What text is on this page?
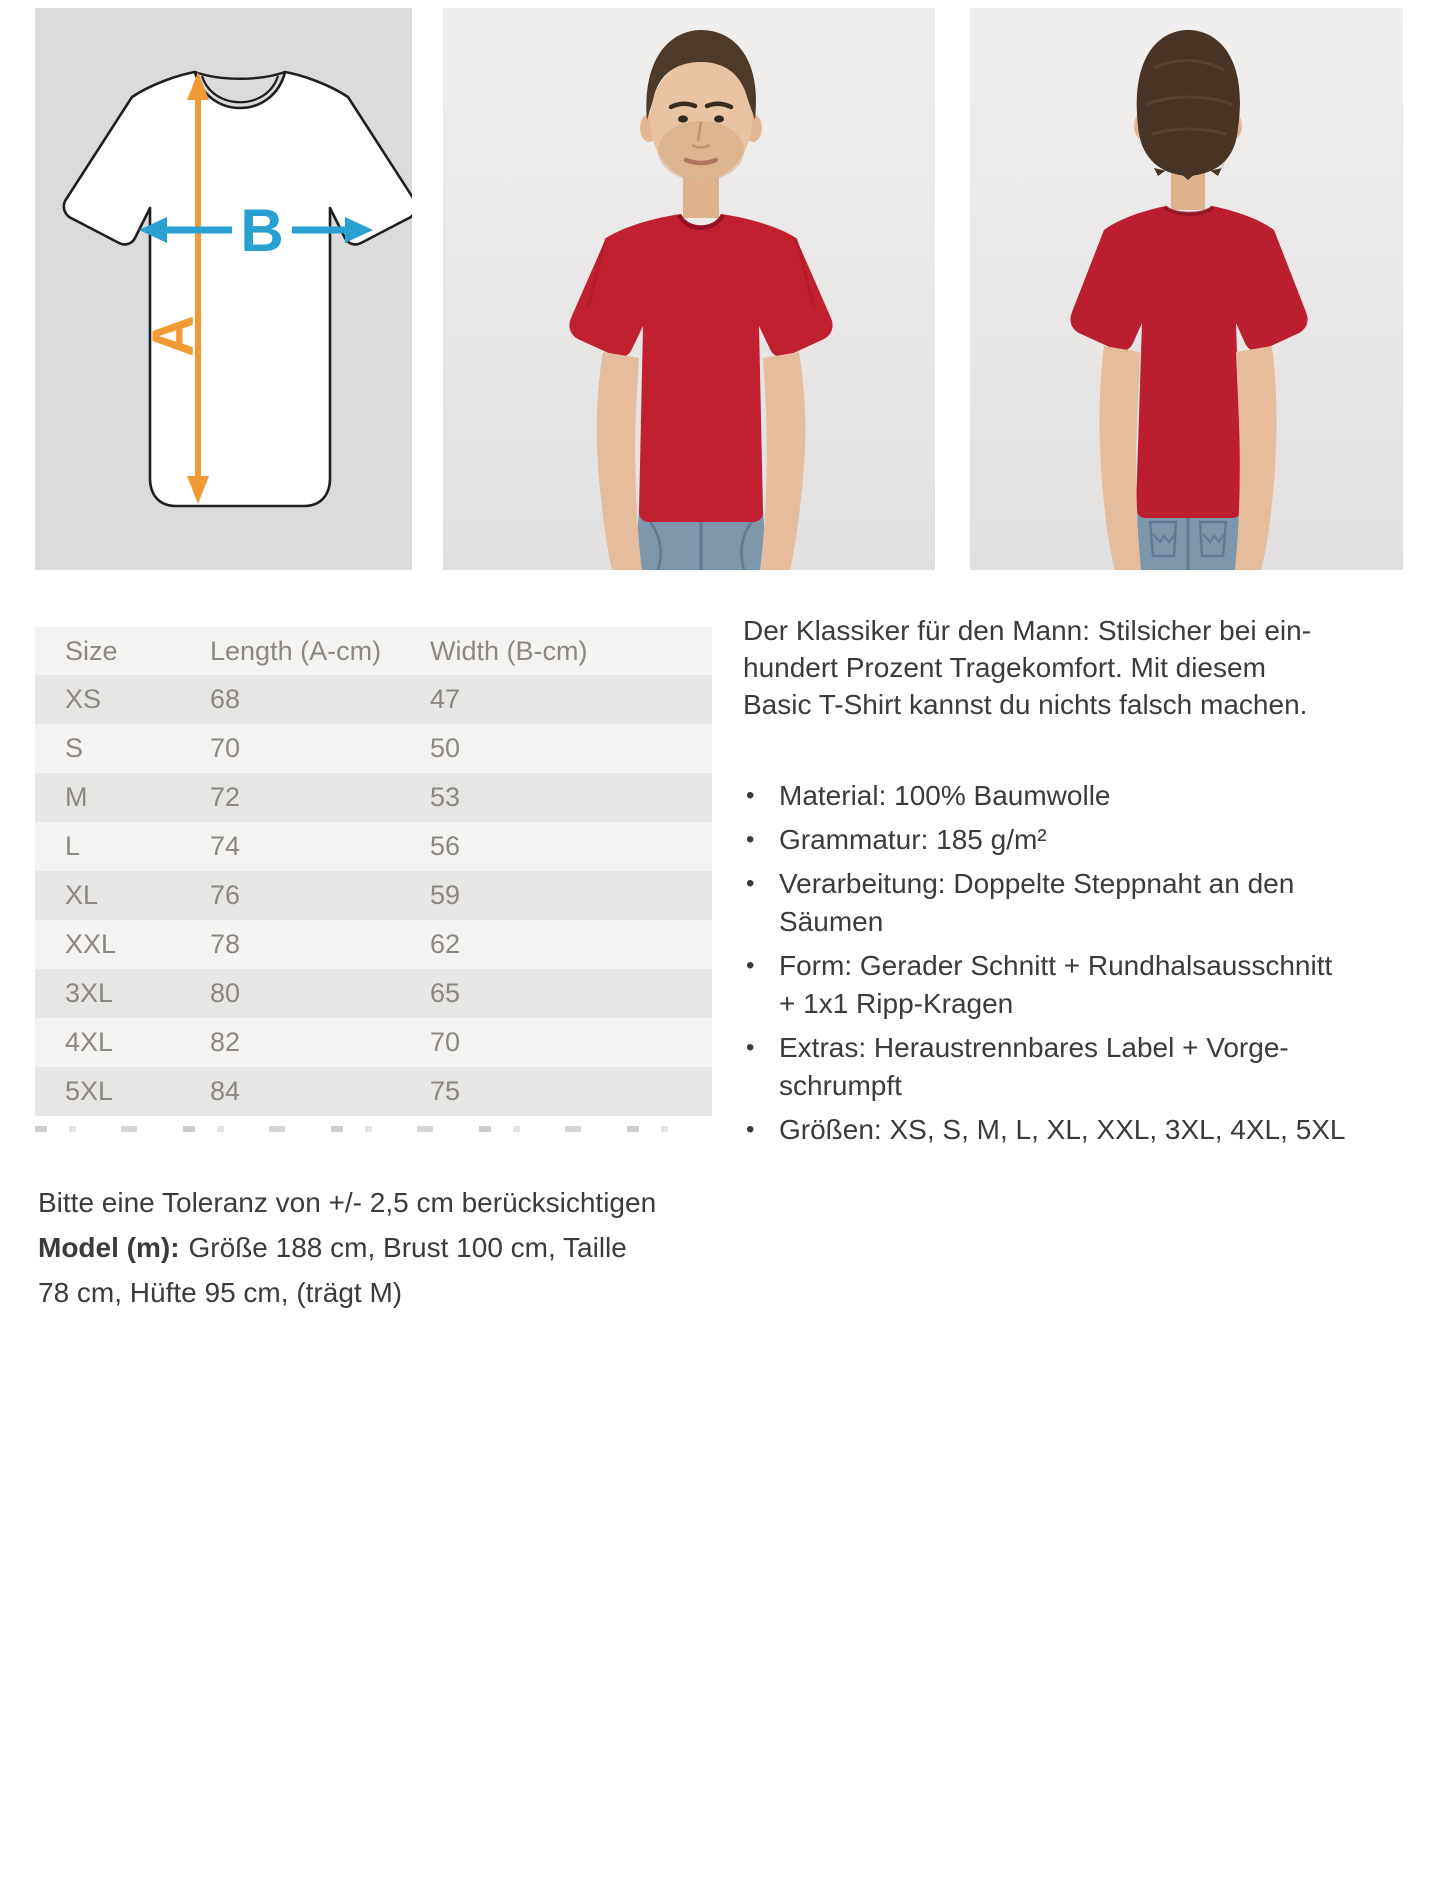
A
B
Size	Length (A-cm)	Width (B-cm)
XS	68	47
S	70	50
M	72	53
L	74	56
XL	76	59
XXL	78	62
3XL	80	65
4XL	82	70
5XL	84	75
Der Klassiker für den Mann: Stilsicher bei ein-
hundert Prozent Tragekomfort. Mit diesem
Basic T-Shirt kannst du nichts falsch machen.
• Material: 100% Baumwolle
• Grammatur: 185 g/m²
• Verarbeitung: Doppelte Steppnaht an den
Säumen
• Form: Gerader Schnitt + Rundhalsausschnitt
+ 1x1 Ripp-Kragen
• Extras: Heraustrennbares Label + Vorge-
schrumpft
• Größen: XS, S, M, L, XL, XXL, 3XL, 4XL, 5XL
Bitte eine Toleranz von +/- 2,5 cm berücksichtigen
Model (m): Größe 188 cm, Brust 100 cm, Taille
78 cm, Hüfte 95 cm, (trägt M)
